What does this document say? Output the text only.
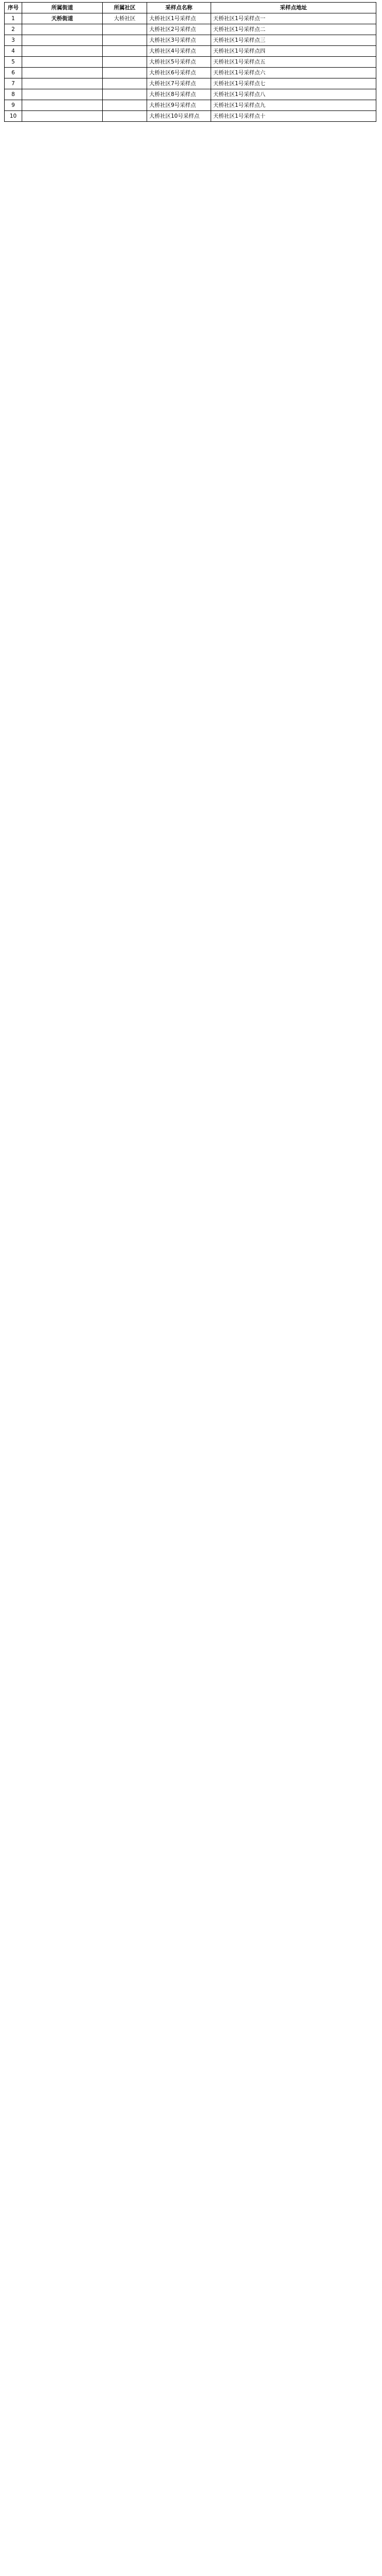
序号	所属街道	所属社区	采样点名称	采样点地址
1	天桥街道	大桥社区	大桥社区1号采样点	天桥社区1号采样点一
2			大桥社区2号采样点	天桥社区1号采样点二
3			大桥社区3号采样点	天桥社区1号采样点三
4			大桥社区4号采样点	天桥社区1号采样点四
5			大桥社区5号采样点	天桥社区1号采样点五
6			大桥社区6号采样点	天桥社区1号采样点六
7			大桥社区7号采样点	天桥社区1号采样点七
8			大桥社区8号采样点	天桥社区1号采样点八
9			大桥社区9号采样点	天桥社区1号采样点九
10			大桥社区10号采样点	天桥社区1号采样点十
